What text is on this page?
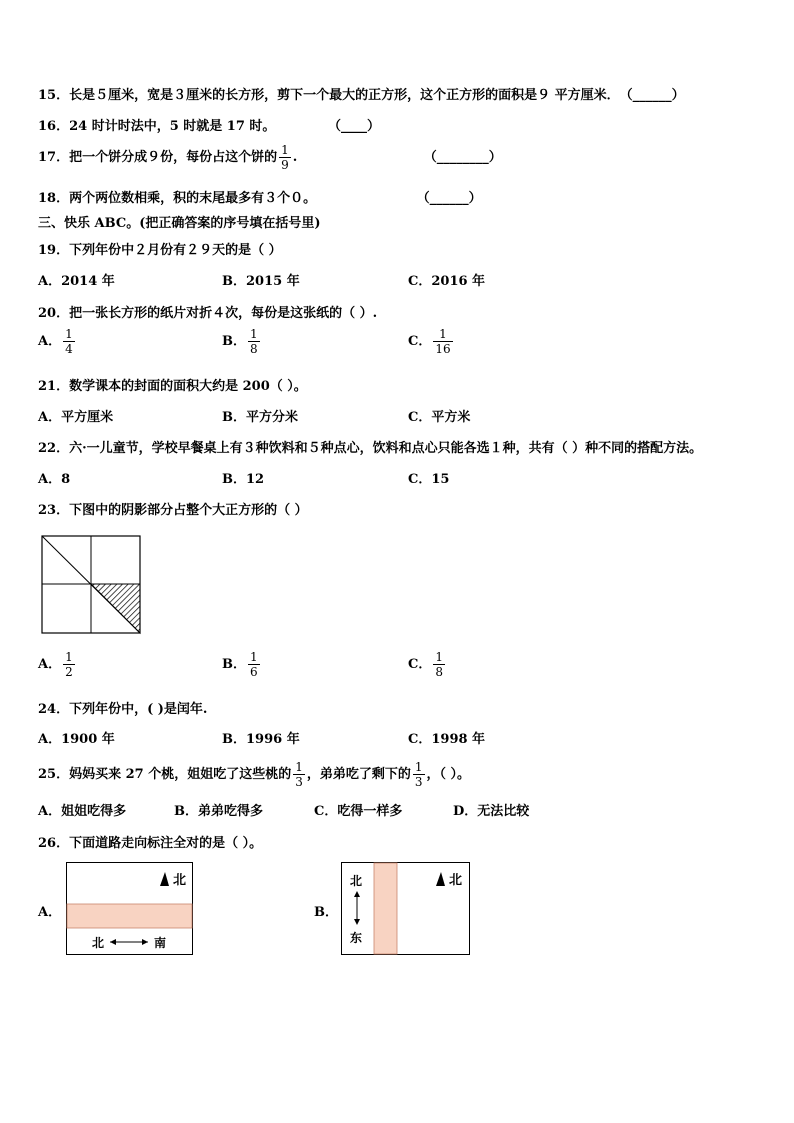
15．长是５厘米，宽是３厘米的长方形，剪下一个最大的正方形，这个正方形的面积是９ 平方厘米．（______）
16．24 时计时法中，5 时就是 17 时。	（____）
17．把一个饼分成９份，每份占这个饼的 $\frac{1}{9}$ .	（________）
18．两个两位数相乘，积的末尾最多有３个０。	（______）
三、快乐 ABC。(把正确答案的序号填在括号里)
19．下列年份中２月份有２９天的是（ ）
A．2014 年	B．2015 年	C．2016 年
20．把一张长方形的纸片对折４次，每份是这张纸的（ ）.
A． $\frac{1}{4}$	B． $\frac{1}{8}$	C． $\frac{1}{16}$
21．数学课本的封面的面积大约是 200（ ）。
A．平方厘米	B．平方分米	C．平方米
22．六·一儿童节，学校早餐桌上有３种饮料和５种点心，饮料和点心只能各选１种，共有（ ）种不同的搭配方法。
A．8	B．12	C．15
23．下图中的阴影部分占整个大正方形的（ ）
A． $\frac{1}{2}$	B． $\frac{1}{6}$	C． $\frac{1}{8}$
24．下列年份中，( )是闰年.
A．1900 年	B．1996 年	C．1998 年
25．妈妈买来 27 个桃，姐姐吃了这些桃的 $\frac{1}{3}$ ，弟弟吃了剩下的 $\frac{1}{3}$ ，（ ）。
A．姐姐吃得多	B．弟弟吃得多	C．吃得一样多	D．无法比较
26．下面道路走向标注全对的是（ ）。
A．
北
北	南
B．
北
北
东
